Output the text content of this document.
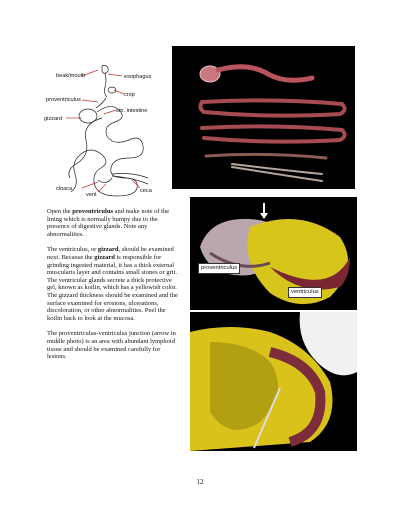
beak/mouth	esophagus
crop
proventriculus
sm. intestine
gizzard
cloaca	ceca
vent

Open the proventriculus and make note of the lining which is normally bumpy due to the presence of digestive glands. Note any abnormalities.

The ventriculus, or gizzard, should be examined next. Because the gizzard is responsible for grinding ingested material, it has a thick external muscularis layer and contains small stones or grit. The ventricular glands secrete a thick protective gel, known as koilin, which has a yellowish color. The gizzard thickness should be examined and the surface examined for erosions, ulcerations, discoloration, or other abnormalities. Peel the koilin back to look at the mucosa.

The proventriculus-ventriculus junction (arrow in middle photo) is an area with abundant lymphoid tissue and should be examined carefully for lesions.

proventriculus
ventriculus
12
